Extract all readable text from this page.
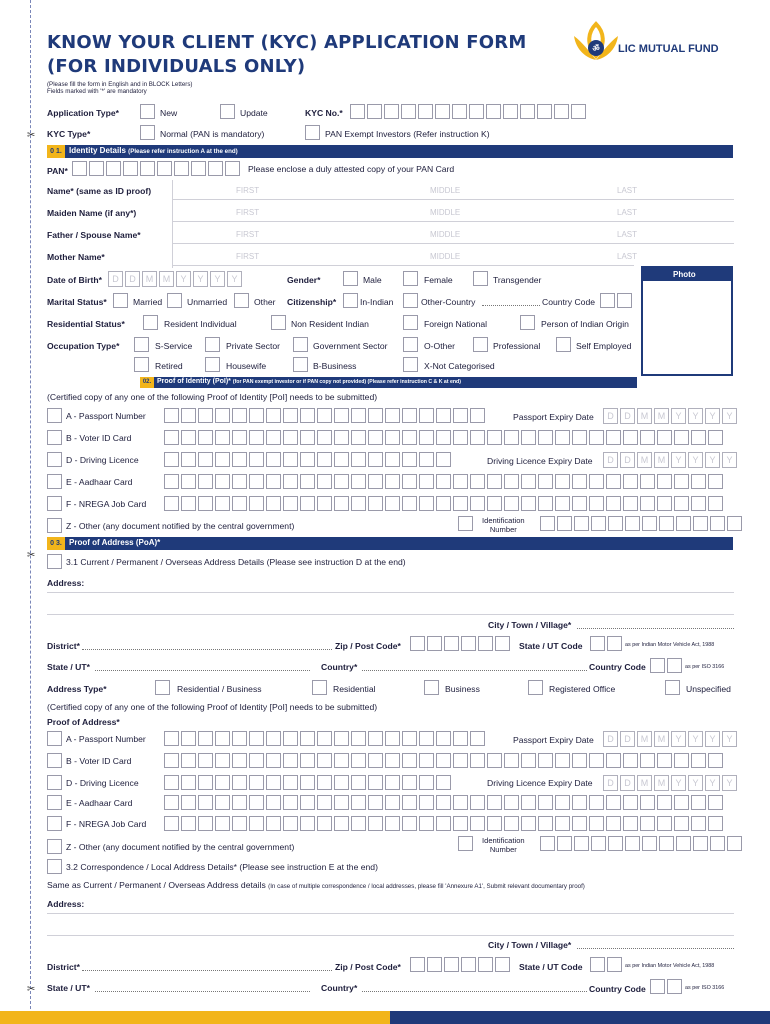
✂
✂
✂
KNOW YOUR CLIENT (KYC) APPLICATION FORM
(FOR INDIVIDUALS ONLY)
(Please fill the form in English and in BLOCK Letters)
Fields marked with '*' are mandatory
ॐ LIC MUTUAL FUND
Application Type*	New	Update	KYC No.*
KYC Type*	Normal (PAN is mandatory)	PAN Exempt Investors (Refer instruction K)
0 1. Identity Details (Please refer instruction A at the end)
PAN*	Please enclose a duly attested copy of your PAN Card
Name* (same as ID proof)	FIRST	MIDDLE	LAST
Maiden Name (if any*)	FIRST	MIDDLE	LAST
Father / Spouse Name*	FIRST	MIDDLE	LAST
Mother Name*	FIRST	MIDDLE	LAST
Photo
Date of Birth*	D	D	M	M	Y	Y	Y	Y	Gender*	Male	Female	Transgender
Marital Status*	Married	Unmarried	Other Citizenship*	In-Indian	Other-Country	Country Code
Residential Status*	Resident Individual	Non Resident Indian	Foreign National	Person of Indian Origin
Occupation Type*	S-Service	Private Sector	Government Sector	O-Other	Professional	Self Employed
Retired	Housewife	B-Business	X-Not Categorised
02. Proof of Identity (PoI)* (for PAN exempt investor or if PAN copy not provided) (Please refer instruction C & K at end)
(Certified copy of any one of the following Proof of Identity [PoI] needs to be submitted)
A - Passport Number	Passport Expiry Date	D	D	M	M	Y	Y	Y	Y
B - Voter ID Card
D - Driving Licence	Driving Licence Expiry Date	D	D	M	M	Y	Y	Y	Y
E - Aadhaar Card
F - NREGA Job Card
Z - Other (any document notified by the central government)
Identification
Number
0 3. Proof of Address (PoA)*
3.1 Current / Permanent / Overseas Address Details (Please see instruction D at the end)
Address:
City / Town / Village*
District*	Zip / Post Code*	State / UT Code	as per Indian Motor Vehicle Act, 1988
State / UT*	Country*	Country Code	as per ISO 3166
Address Type*	Residential / Business	Residential	Business	Registered Office	Unspecified
(Certified copy of any one of the following Proof of Identity [PoI] needs to be submitted)
Proof of Address*
A - Passport Number	Passport Expiry Date	D	D	M	M	Y	Y	Y	Y
B - Voter ID Card
D - Driving Licence	Driving Licence Expiry Date	D	D	M	M	Y	Y	Y	Y
E - Aadhaar Card
F - NREGA Job Card
Z - Other (any document notified by the central government)
Identification
Number
3.2 Correspondence / Local Address Details* (Please see instruction E at the end)
Same as Current / Permanent / Overseas Address details (In case of multiple correspondence / local addresses, please fill 'Annexure A1', Submit relevant documentary proof)
Address:
City / Town / Village*
District*	Zip / Post Code*	State / UT Code	as per Indian Motor Vehicle Act, 1988
State / UT*	Country*	Country Code	as per ISO 3166
